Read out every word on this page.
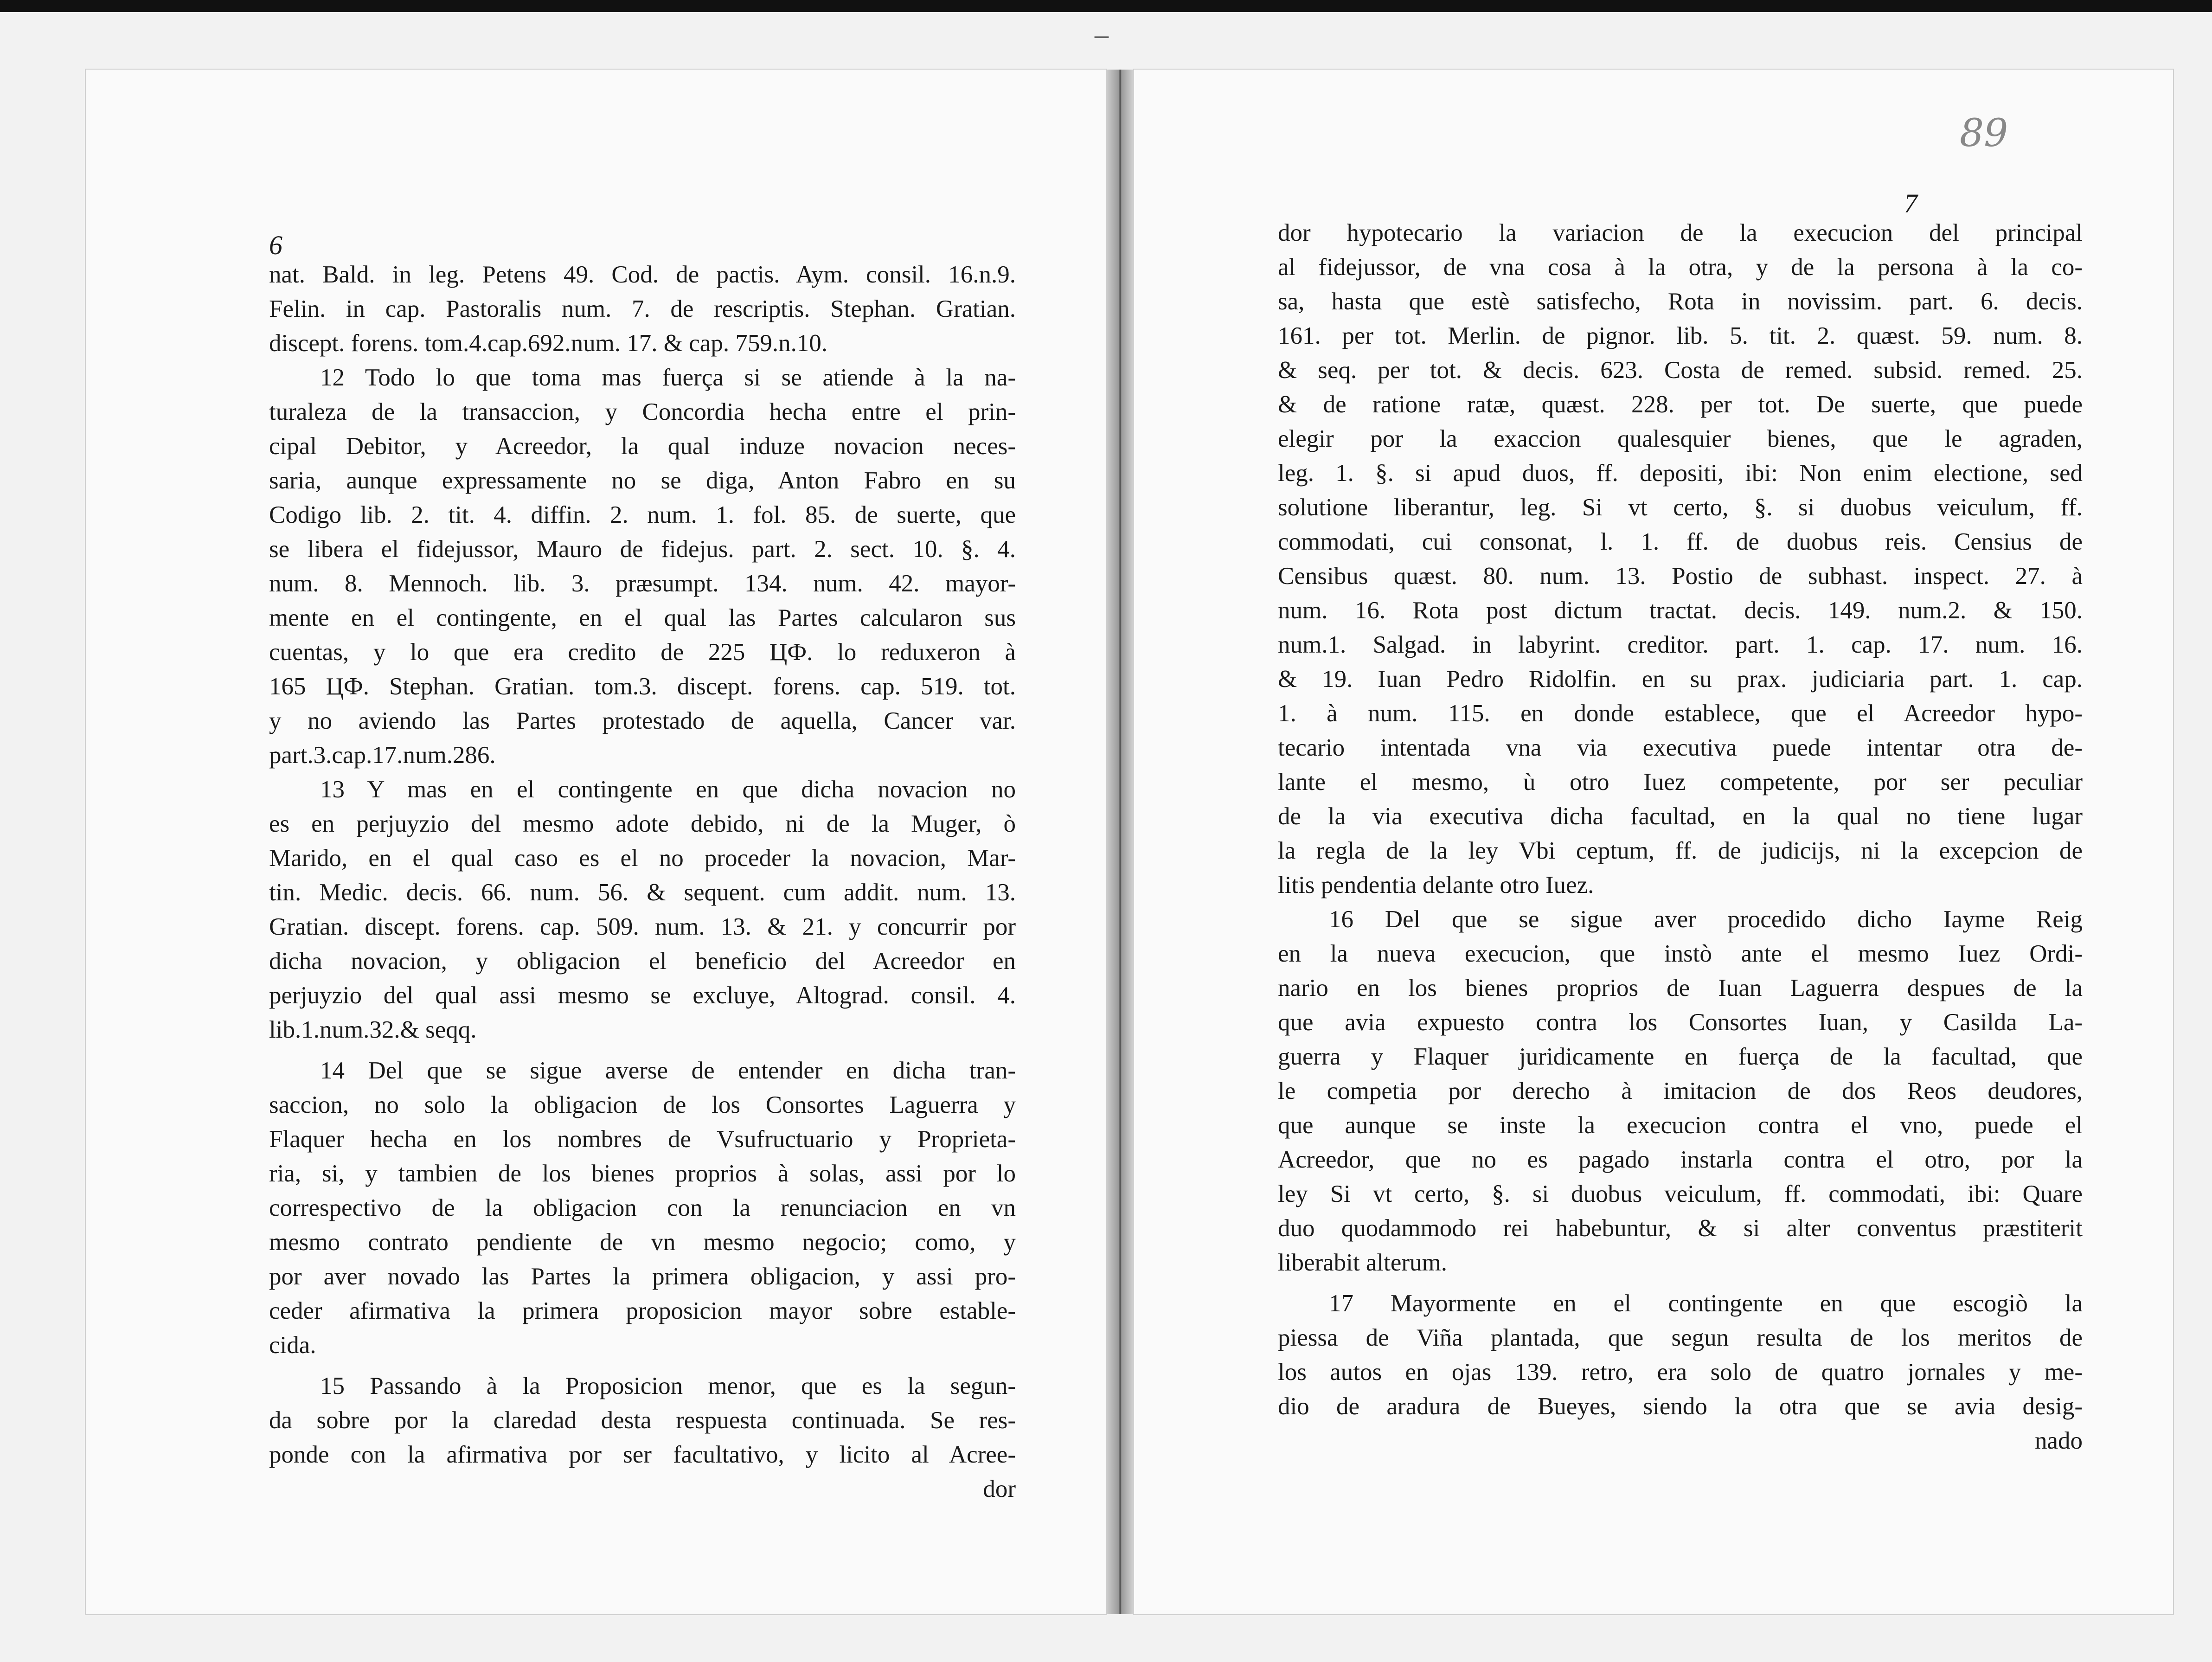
–
6
nat. Bald. in leg. Petens 49. Cod. de pactis. Aym. consil. 16.n.9.
Felin. in cap. Pastoralis num. 7. de rescriptis. Stephan. Gratian.
discept. forens. tom.4.cap.692.num. 17. & cap. 759.n.10.
12 Todo lo que toma mas fuerça si se atiende à la na-
turaleza de la transaccion, y Concordia hecha entre el prin-
cipal Debitor, y Acreedor, la qual induze novacion neces-
saria, aunque expressamente no se diga, Anton Fabro en su
Codigo lib. 2. tit. 4. diffin. 2. num. 1. fol. 85. de suerte, que
se libera el fidejussor, Mauro de fidejus. part. 2. sect. 10. §. 4.
num. 8. Mennoch. lib. 3. præsumpt. 134. num. 42. mayor-
mente en el contingente, en el qual las Partes calcularon sus
cuentas, y lo que era credito de 225 ЦФ. lo reduxeron à
165 ЦФ. Stephan. Gratian. tom.3. discept. forens. cap. 519. tot.
y no aviendo las Partes protestado de aquella, Cancer var.
part.3.cap.17.num.286.
13 Y mas en el contingente en que dicha novacion no
es en perjuyzio del mesmo adote debido, ni de la Muger, ò
Marido, en el qual caso es el no proceder la novacion, Mar-
tin. Medic. decis. 66. num. 56. & sequent. cum addit. num. 13.
Gratian. discept. forens. cap. 509. num. 13. & 21. y concurrir por
dicha novacion, y obligacion el beneficio del Acreedor en
perjuyzio del qual assi mesmo se excluye, Altograd. consil. 4.
lib.1.num.32.& seqq.
14 Del que se sigue averse de entender en dicha tran-
saccion, no solo la obligacion de los Consortes Laguerra y
Flaquer hecha en los nombres de Vsufructuario y Proprieta-
ria, si, y tambien de los bienes proprios à solas, assi por lo
correspectivo de la obligacion con la renunciacion en vn
mesmo contrato pendiente de vn mesmo negocio; como, y
por aver novado las Partes la primera obligacion, y assi pro-
ceder afirmativa la primera proposicion mayor sobre establе-
cida.
15 Passando à la Proposicion menor, que es la segun-
da sobre por la claredad desta respuesta continuada. Se res-
ponde con la afirmativa por ser facultativo, y licito al Acree-
dor
89
7
dor hypotecario la variacion de la execucion del principal
al fidejussor, de vna cosa à la otra, y de la persona à la co-
sa, hasta que estè satisfecho, Rota in novissim. part. 6. decis.
161. per tot. Merlin. de pignor. lib. 5. tit. 2. quæst. 59. num. 8.
& seq. per tot. & decis. 623. Costa de remed. subsid. remed. 25.
& de ratione ratæ, quæst. 228. per tot. De suerte, que puede
elegir por la exaccion qualesquier bienes, que le agraden,
leg. 1. §. si apud duos, ff. depositi, ibi: Non enim electione, sed
solutione liberantur, leg. Si vt certo, §. si duobus veiculum, ff.
commodati, cui consonat, l. 1. ff. de duobus reis. Censius de
Censibus quæst. 80. num. 13. Postio de subhast. inspect. 27. à
num. 16. Rota post dictum tractat. decis. 149. num.2. & 150.
num.1. Salgad. in labyrint. creditor. part. 1. cap. 17. num. 16.
& 19. Iuan Pedro Ridolfin. en su prax. judiciaria part. 1. cap.
1. à num. 115. en donde establece, que el Acreedor hypo-
tecario intentada vna via executiva puede intentar otra de-
lante el mesmo, ù otro Iuez competente, por ser peculiar
de la via executiva dicha facultad, en la qual no tiene lugar
la regla de la ley Vbi ceptum, ff. de judicijs, ni la excepcion de
litis pendentia delante otro Iuez.
16 Del que se sigue aver procedido dicho Iayme Reig
en la nueva execucion, que instò ante el mesmo Iuez Ordi-
nario en los bienes proprios de Iuan Laguerra despues de la
que avia expuesto contra los Consortes Iuan, y Casilda La-
guerra y Flaquer juridicamente en fuerça de la facultad, que
le competia por derecho à imitacion de dos Reos deudores,
que aunque se inste la execucion contra el vno, puede el
Acreedor, que no es pagado instarla contra el otro, por la
ley Si vt certo, §. si duobus veiculum, ff. commodati, ibi: Quare
duo quodammodo rei habebuntur, & si alter conventus præstiterit
liberabit alterum.
17 Mayormente en el contingente en que escogiò la
piessa de Viña plantada, que segun resulta de los meritos de
los autos en ojas 139. retro, era solo de quatro jornales y me-
dio de aradura de Bueyes, siendo la otra que se avia desig-
nado
